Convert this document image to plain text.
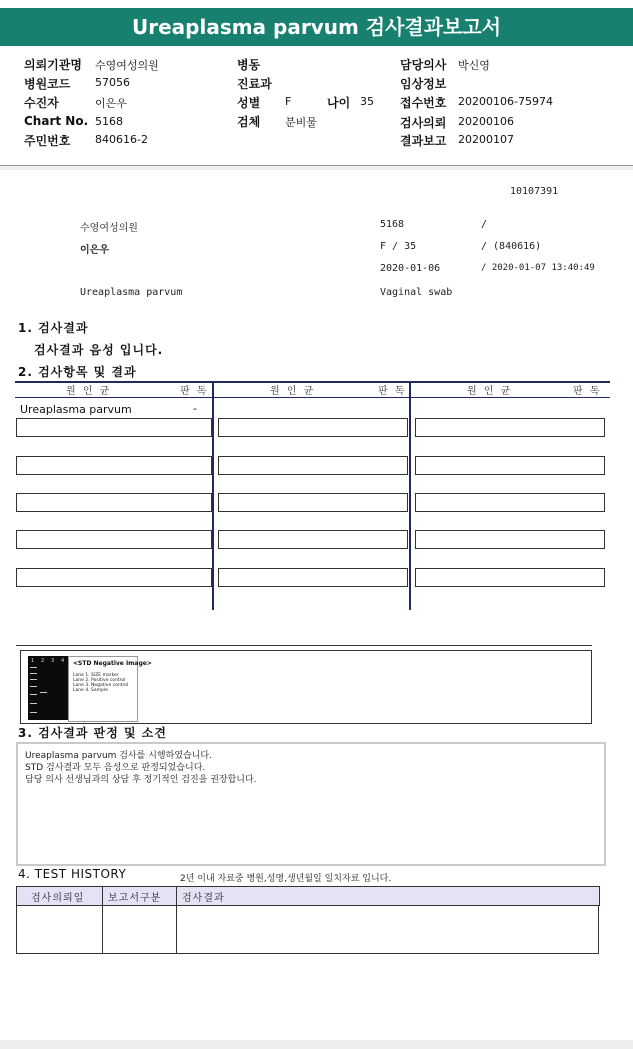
Ureaplasma parvum 검사결과보고서
의뢰기관명 수영여성의원
병원코드 57056
수진자	이은우
Chart No. 5168
주민번호 840616-2
병동
진료과
성별 F	나이 35
검체 분비물
담당의사 박신영
임상정보
접수번호 20200106-75974
검사의뢰 20200106
결과보고 20200107
10107391
수영여성의원	5168	/
이은우	F / 35	/ (840616)
2020-01-06	/ 2020-01-07 13:40:49
Ureaplasma parvum	Vaginal swab
1. 검사결과
검사결과 음성 입니다.
2. 검사항목 및 결과
원 인 균	판 독	원 인 균	판 독	원 인 균	판 독
Ureaplasma parvum	-
1 2 3 4 <STD Negative Image>
Lane 1. SIZE marker
Lane 2. Positive control
Lane 3. Negative control
Lane 4. Sample
3. 검사결과 판정 및 소견
Ureaplasma parvum 검사를 시행하였습니다.
STD 검사결과 모두 음성으로 판정되었습니다.
담당 의사 선생님과의 상담 후 정기적인 검진을 권장합니다.
4. TEST HISTORY	2년 이내 자료중 병원,성명,생년월일 일치자료 입니다.
검사의뢰일 보고서구분 검사결과
